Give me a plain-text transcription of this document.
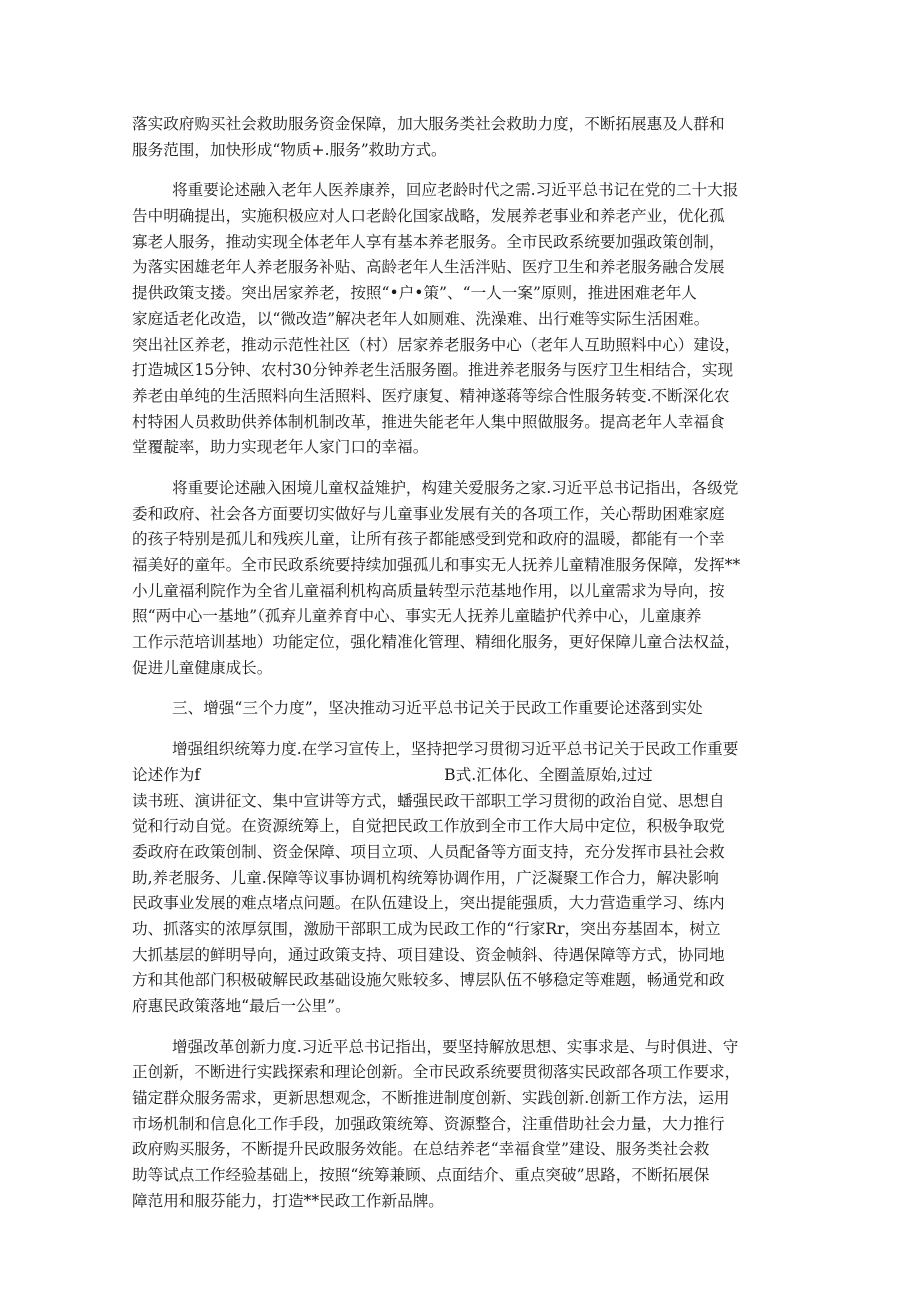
落实政府购买社会救助服务资金保障，加大服务类社会救助力度，不断拓展惠及人群和
服务范围，加快形成“物质+.服务”救助方式。
将重要论述融入老年人医养康养，回应老龄时代之需.习近平总书记在党的二十大报
告中明确提出，实施积极应对人口老龄化国家战略，发展养老事业和养老产业，优化孤
寡老人服务，推动实现全体老年人享有基本养老服务。全市民政系统要加强政策创制，
为落实困雄老年人养老服务补贴、高龄老年人生活泮贴、医疗卫生和养老服务融合发展
提供政策支搂。突出居家养老，按照“•户•策”、“一人一案”原则，推进困难老年人
家庭适老化改造，以“微改造”解决老年人如厕难、洗澡难、出行难等实际生活困难。
突出社区养老，推动示范性社区（村）居家养老服务中心（老年人互助照料中心）建设，
打造城区15分钟、农村30分钟养老生活服务圈。推进养老服务与医疗卫生相结合，实现
养老由单纯的生活照料向生活照料、医疗康复、精神遂蒋等综合性服务转变.不断深化农
村特困人员救助供养体制机制改革，推进失能老年人集中照做服务。提高老年人幸福食
堂覆靛率，助力实现老年人家门口的幸福。
将重要论述融入困境儿童权益雉护，构建关爱服务之家.习近平总书记指出，各级党
委和政府、社会各方面要切实做好与儿童事业发展有关的各项工作，关心帮助困难家庭
的孩子特别是孤儿和残疾儿童，让所有孩子都能感受到党和政府的温暖，都能有一个幸
福美好的童年。全市民政系统要持续加强孤儿和事实无人抚养儿童精准服务保障，发挥**
小儿童福利院作为全省儿童福利机构高质量转型示范基地作用，以儿童需求为导向，按
照“两中心一基地”（孤弃儿童养育中心、事实无人抚养儿童瞌护代养中心，儿童康养
工作示范培训基地）功能定位，强化精准化管理、精细化服务，更好保障儿童合法权益，
促进儿童健康成长。
三、增强“三个力度”，坚决推动习近平总书记关于民政工作重要论述落到实处
增强组织统筹力度.在学习宣传上，坚持把学习贯彻习近平总书记关于民政工作重要
论述作为f	B式.汇体化、全圈盖原始,过过
读书班、演讲征文、集中宣讲等方式，蟠强民政干部职工学习贯彻的政治自觉、思想自
觉和行动自觉。在资源统筹上，自觉把民政工作放到全市工作大局中定位，积极争取党
委政府在政策创制、资金保障、项目立项、人员配备等方面支持，充分发挥市县社会救
助,养老服务、儿童.保障等议事协调机构统筹协调作用，广泛凝聚工作合力，解决影响
民政事业发展的难点堵点问题。在队伍建设上，突出提能强质，大力营造重学习、练内
功、抓落实的浓厚氛围，激励干部职工成为民政工作的“行家Rr，突出夯基固本，树立
大抓基层的鲜明导向，通过政策支持、项目建设、资金帧斜、待遇保障等方式，协同地
方和其他部门积极破解民政基础设施欠账较多、博层队伍不够稳定等难题，畅通党和政
府惠民政策落地“最后一公里”。
增强改革创新力度.习近平总书记指出，要坚持解放思想、实事求是、与时俱进、守
正创新，不断进行实践探索和理论创新。全市民政系统要贯彻落实民政部各项工作要求，
锚定群众服务需求，更新思想观念，不断推进制度创新、实践创新.创新工作方法，运用
市场机制和信息化工作手段，加强政策统筹、资源整合，注重借助社会力量，大力推行
政府购买服务，不断提升民政服务效能。在总结养老“幸福食堂”建设、服务类社会救
助等试点工作经验基础上，按照“统筹兼顾、点面结介、重点突破”思路，不断拓展保
障范用和服芬能力，打造**民政工作新品牌。
